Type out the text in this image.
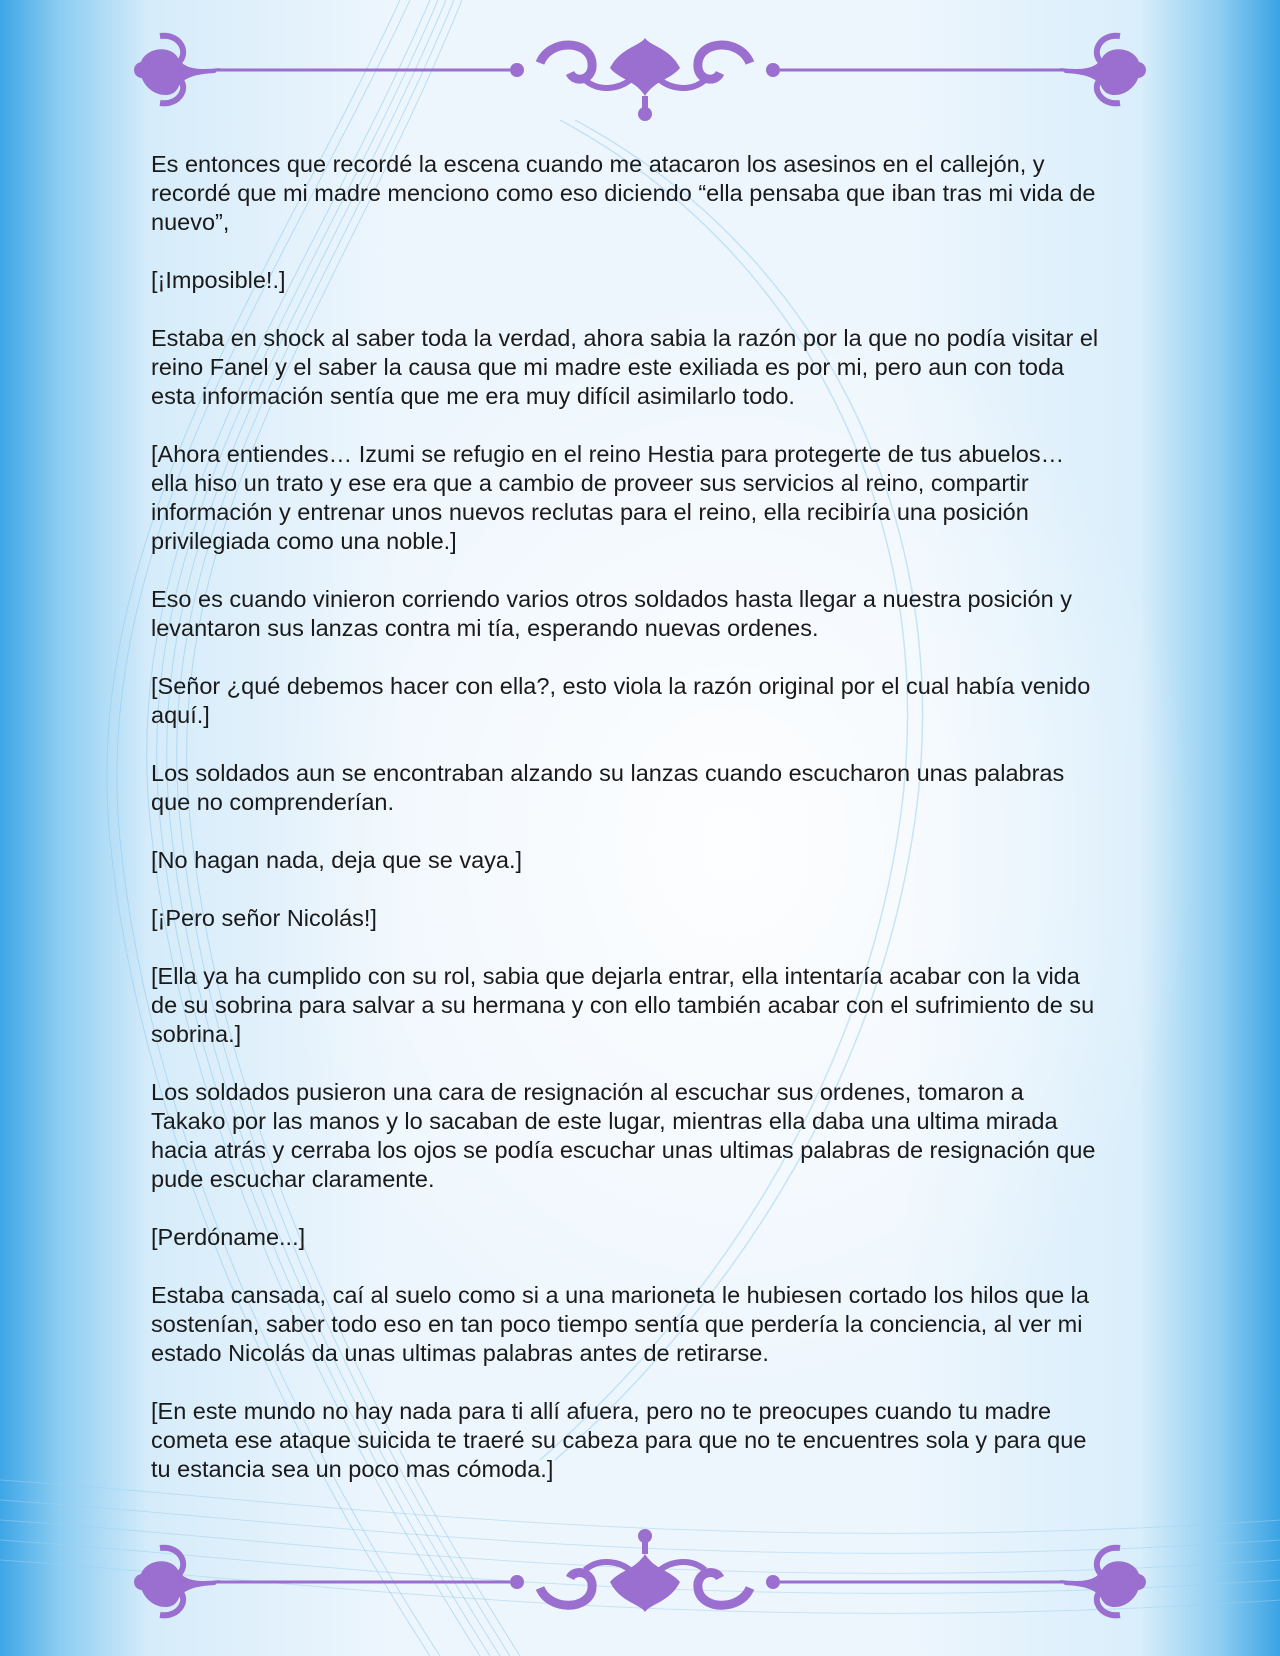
Es entonces que recordé la escena cuando me atacaron los asesinos en el callejón, y recordé que mi madre menciono como eso diciendo “ella pensaba que iban tras mi vida de nuevo”,

[¡Imposible!.]

Estaba en shock al saber toda la verdad, ahora sabia la razón por la que no podía visitar el reino Fanel y el saber la causa que mi madre este exiliada es por mi, pero aun con toda esta información sentía que me era muy difícil asimilarlo todo.

[Ahora entiendes… Izumi se refugio en el reino Hestia para protegerte de tus abuelos… ella hiso un trato y ese era que a cambio de proveer sus servicios al reino, compartir información y entrenar unos nuevos reclutas para el reino, ella recibiría una posición privilegiada como una noble.]

Eso es cuando vinieron corriendo varios otros soldados hasta llegar a nuestra posición y levantaron sus lanzas contra mi tía, esperando nuevas ordenes.

[Señor ¿qué debemos hacer con ella?, esto viola la razón original por el cual había venido aquí.]

Los soldados aun se encontraban alzando su lanzas cuando escucharon unas palabras que no comprenderían.

[No hagan nada, deja que se vaya.]

[¡Pero señor Nicolás!]

[Ella ya ha cumplido con su rol, sabia que dejarla entrar, ella intentaría acabar con la vida de su sobrina para salvar a su hermana y con ello también acabar con el sufrimiento de su sobrina.]

Los soldados pusieron una cara de resignación al escuchar sus ordenes, tomaron a Takako por las manos y lo sacaban de este lugar, mientras ella daba una ultima mirada hacia atrás y cerraba los ojos se podía escuchar unas ultimas palabras de resignación que pude escuchar claramente.

[Perdóname...]

Estaba cansada, caí al suelo como si a una marioneta le hubiesen cortado los hilos que la sostenían, saber todo eso en tan poco tiempo sentía que perdería la conciencia, al ver mi estado Nicolás da unas ultimas palabras antes de retirarse.

[En este mundo no hay nada para ti allí afuera, pero no te preocupes cuando tu madre cometa ese ataque suicida te traeré su cabeza para que no te encuentres sola y para que tu estancia sea un poco mas cómoda.]
